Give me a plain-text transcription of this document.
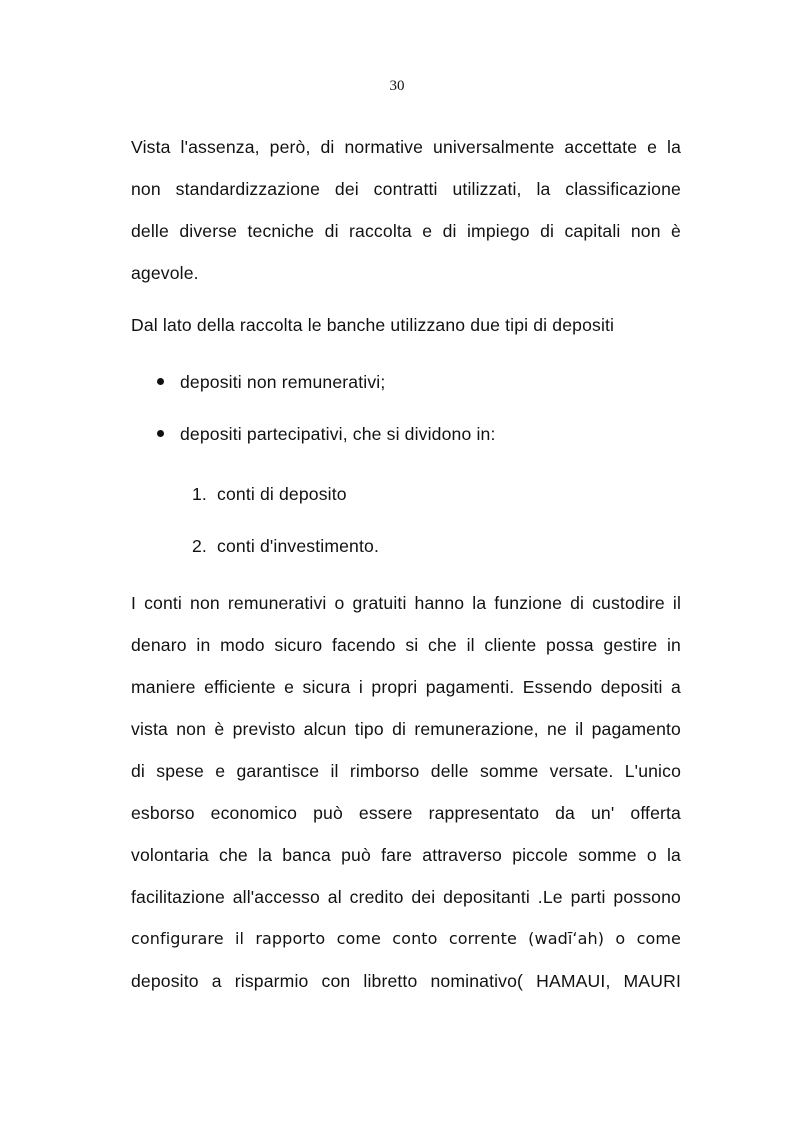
30
Vista l'assenza, però, di normative universalmente accettate e la
non standardizzazione dei contratti utilizzati, la classificazione
delle diverse tecniche di raccolta e di impiego di capitali non è
agevole.
Dal lato della raccolta le banche utilizzano due tipi di depositi
depositi non remunerativi;
depositi partecipativi, che si dividono in:
1. conti di deposito
2. conti d'investimento.
I conti non remunerativi o gratuiti hanno la funzione di custodire il
denaro in modo sicuro facendo si che il cliente possa gestire in
maniere efficiente e sicura i propri pagamenti. Essendo depositi a
vista non è previsto alcun tipo di remunerazione, ne il pagamento
di spese e garantisce il rimborso delle somme versate. L'unico
esborso economico può essere rappresentato da un' offerta
volontaria che la banca può fare attraverso piccole somme o la
facilitazione all'accesso al credito dei depositanti .Le parti possono
configurare il rapporto come conto corrente (wadīʻah) o come
deposito a risparmio con libretto nominativo( HAMAUI, MAURI
